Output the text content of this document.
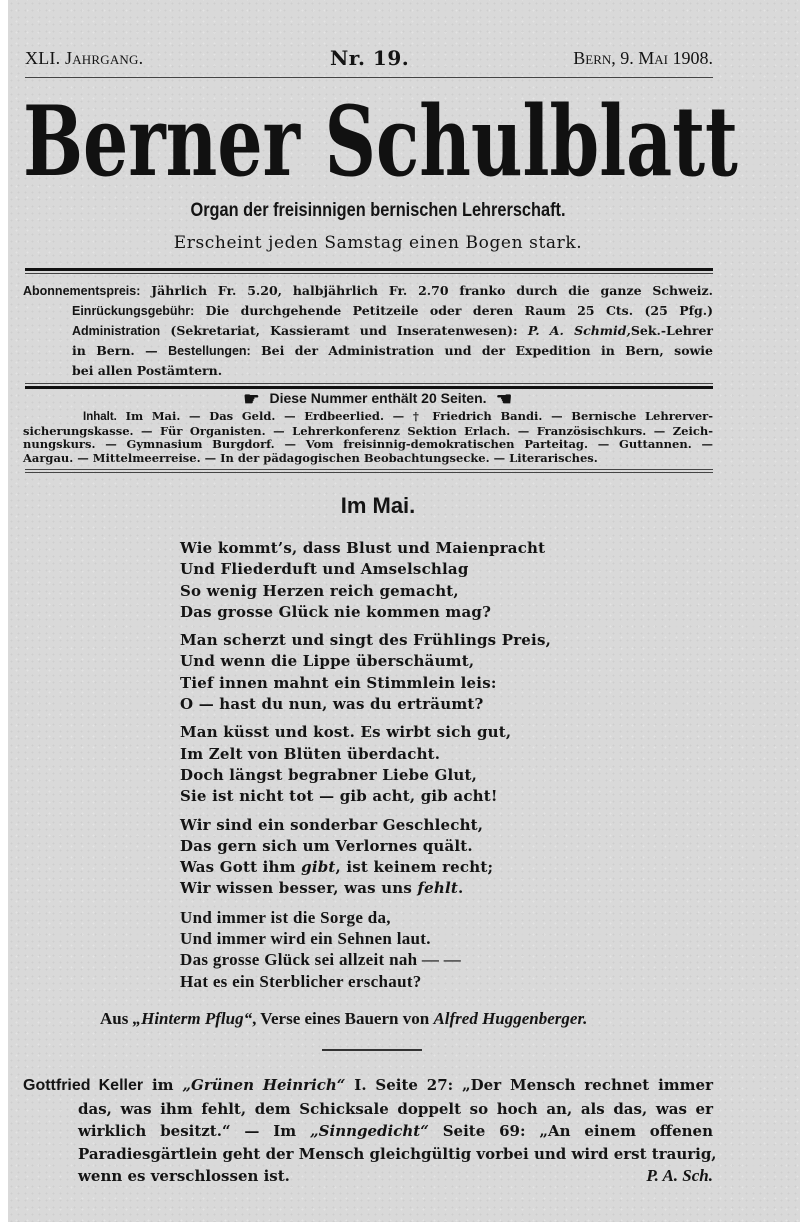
XLI. Jahrgang.	Nr. 19.	Bern, 9. Mai 1908.
Berner Schulblatt
Organ der freisinnigen bernischen Lehrerschaft.
Erscheint jeden Samstag einen Bogen stark.
Abonnementspreis: Jährlich Fr. 5.20, halbjährlich Fr. 2.70 franko durch die ganze Schweiz.
Einrückungsgebühr: Die durchgehende Petitzeile oder deren Raum 25 Cts. (25 Pfg.)
Administration (Sekretariat, Kassieramt und Inseratenwesen): P. A. Schmid,Sek.-Lehrer
in Bern. — Bestellungen: Bei der Administration und der Expedition in Bern, sowie
bei allen Postämtern.
☛ Diese Nummer enthält 20 Seiten. ☛
Inhalt. Im Mai. — Das Geld. — Erdbeerlied. — † Friedrich Bandi. — Bernische Lehrerver-
sicherungskasse. — Für Organisten. — Lehrerkonferenz Sektion Erlach. — Französischkurs. — Zeich-
nungskurs. — Gymnasium Burgdorf. — Vom freisinnig-demokratischen Parteitag. — Guttannen. —
Aargau. — Mittelmeerreise. — In der pädagogischen Beobachtungsecke. — Literarisches.
Im Mai.
Wie kommt’s, dass Blust und Maienpracht
Und Fliederduft und Amselschlag
So wenig Herzen reich gemacht,
Das grosse Glück nie kommen mag?
Man scherzt und singt des Frühlings Preis,
Und wenn die Lippe überschäumt,
Tief innen mahnt ein Stimmlein leis:
O — hast du nun, was du erträumt?
Man küsst und kost. Es wirbt sich gut,
Im Zelt von Blüten überdacht.
Doch längst begrabner Liebe Glut,
Sie ist nicht tot — gib acht, gib acht!
Wir sind ein sonderbar Geschlecht,
Das gern sich um Verlornes quält.
Was Gott ihm gibt, ist keinem recht;
Wir wissen besser, was uns fehlt.
Und immer ist die Sorge da,
Und immer wird ein Sehnen laut.
Das grosse Glück sei allzeit nah — —
Hat es ein Sterblicher erschaut?
Aus „Hinterm Pflug“, Verse eines Bauern von Alfred Huggenberger.
Gottfried Keller im „Grünen Heinrich“ I. Seite 27: „Der Mensch rechnet immer
das, was ihm fehlt, dem Schicksale doppelt so hoch an, als das, was er
wirklich besitzt.“ — Im „Sinngedicht“ Seite 69: „An einem offenen
Paradiesgärtlein geht der Mensch gleichgültig vorbei und wird erst traurig,
wenn es verschlossen ist.	P. A. Sch.
